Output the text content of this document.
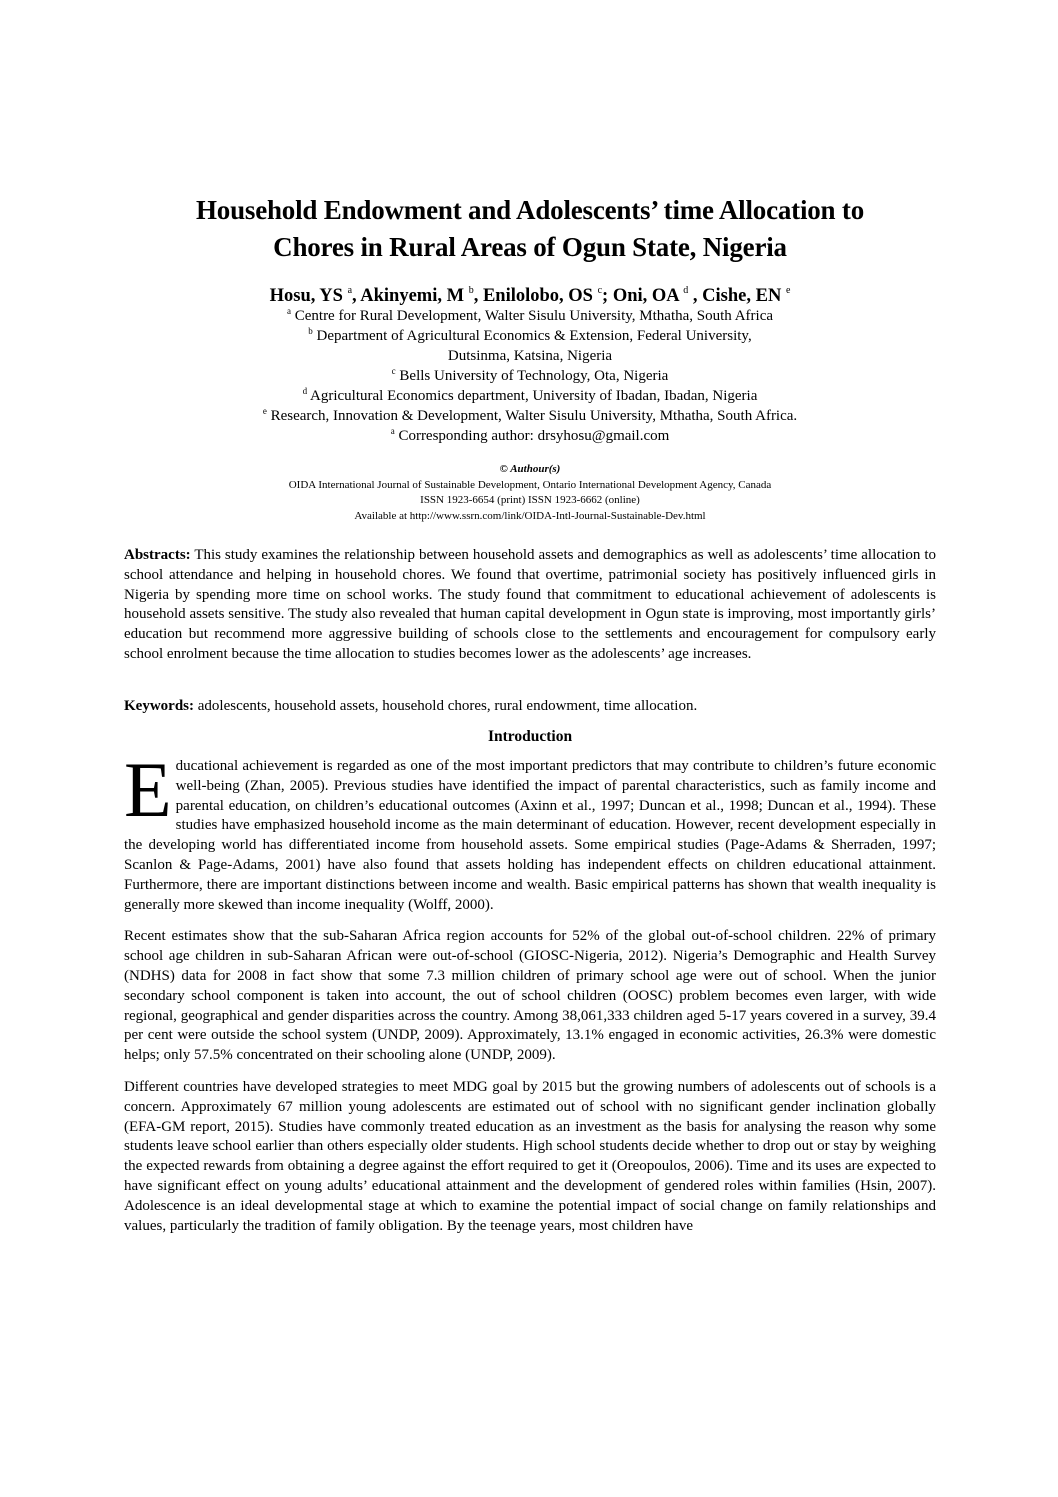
Household Endowment and Adolescents’ time Allocation to
Chores in Rural Areas of Ogun State, Nigeria
Hosu, YS $^a$, Akinyemi, M $^b$, Enilolobo, OS $^c$; Oni, OA $^d$ , Cishe, EN $^e$
$^a$ Centre for Rural Development, Walter Sisulu University, Mthatha, South Africa
$^b$ Department of Agricultural Economics & Extension, Federal University,
Dutsinma, Katsina, Nigeria
$^c$ Bells University of Technology, Ota, Nigeria
$^d$ Agricultural Economics department, University of Ibadan, Ibadan, Nigeria
$^e$ Research, Innovation & Development, Walter Sisulu University, Mthatha, South Africa.
$^a$ Corresponding author: drsyhosu@gmail.com
© Authour(s)
OIDA International Journal of Sustainable Development, Ontario International Development Agency, Canada
ISSN 1923-6654 (print) ISSN 1923-6662 (online)
Available at http://www.ssrn.com/link/OIDA-Intl-Journal-Sustainable-Dev.html

Abstracts: This study examines the relationship between household assets and demographics as well as adolescents’ time allocation to school attendance and helping in household chores. We found that overtime, patrimonial society has positively influenced girls in Nigeria by spending more time on school works. The study found that commitment to educational achievement of adolescents is household assets sensitive. The study also revealed that human capital development in Ogun state is improving, most importantly girls’ education but recommend more aggressive building of schools close to the settlements and encouragement for compulsory early school enrolment because the time allocation to studies becomes lower as the adolescents’ age increases.

Keywords: adolescents, household assets, household chores, rural endowment, time allocation.

Introduction

Educational achievement is regarded as one of the most important predictors that may contribute to children’s future economic well-being (Zhan, 2005). Previous studies have identified the impact of parental characteristics, such as family income and parental education, on children’s educational outcomes (Axinn et al., 1997; Duncan et al., 1998; Duncan et al., 1994). These studies have emphasized household income as the main determinant of education. However, recent development especially in the developing world has differentiated income from household assets. Some empirical studies (Page-Adams & Sherraden, 1997; Scanlon & Page-Adams, 2001) have also found that assets holding has independent effects on children educational attainment. Furthermore, there are important distinctions between income and wealth. Basic empirical patterns has shown that wealth inequality is generally more skewed than income inequality (Wolff, 2000).

Recent estimates show that the sub-Saharan Africa region accounts for 52% of the global out-of-school children. 22% of primary school age children in sub-Saharan African were out-of-school (GIOSC-Nigeria, 2012). Nigeria’s Demographic and Health Survey (NDHS) data for 2008 in fact show that some 7.3 million children of primary school age were out of school. When the junior secondary school component is taken into account, the out of school children (OOSC) problem becomes even larger, with wide regional, geographical and gender disparities across the country. Among 38,061,333 children aged 5-17 years covered in a survey, 39.4 per cent were outside the school system (UNDP, 2009). Approximately, 13.1% engaged in economic activities, 26.3% were domestic helps; only 57.5% concentrated on their schooling alone (UNDP, 2009).

Different countries have developed strategies to meet MDG goal by 2015 but the growing numbers of adolescents out of schools is a concern. Approximately 67 million young adolescents are estimated out of school with no significant gender inclination globally (EFA-GM report, 2015). Studies have commonly treated education as an investment as the basis for analysing the reason why some students leave school earlier than others especially older students. High school students decide whether to drop out or stay by weighing the expected rewards from obtaining a degree against the effort required to get it (Oreopoulos, 2006). Time and its uses are expected to have significant effect on young adults’ educational attainment and the development of gendered roles within families (Hsin, 2007). Adolescence is an ideal developmental stage at which to examine the potential impact of social change on family relationships and values, particularly the tradition of family obligation. By the teenage years, most children have
